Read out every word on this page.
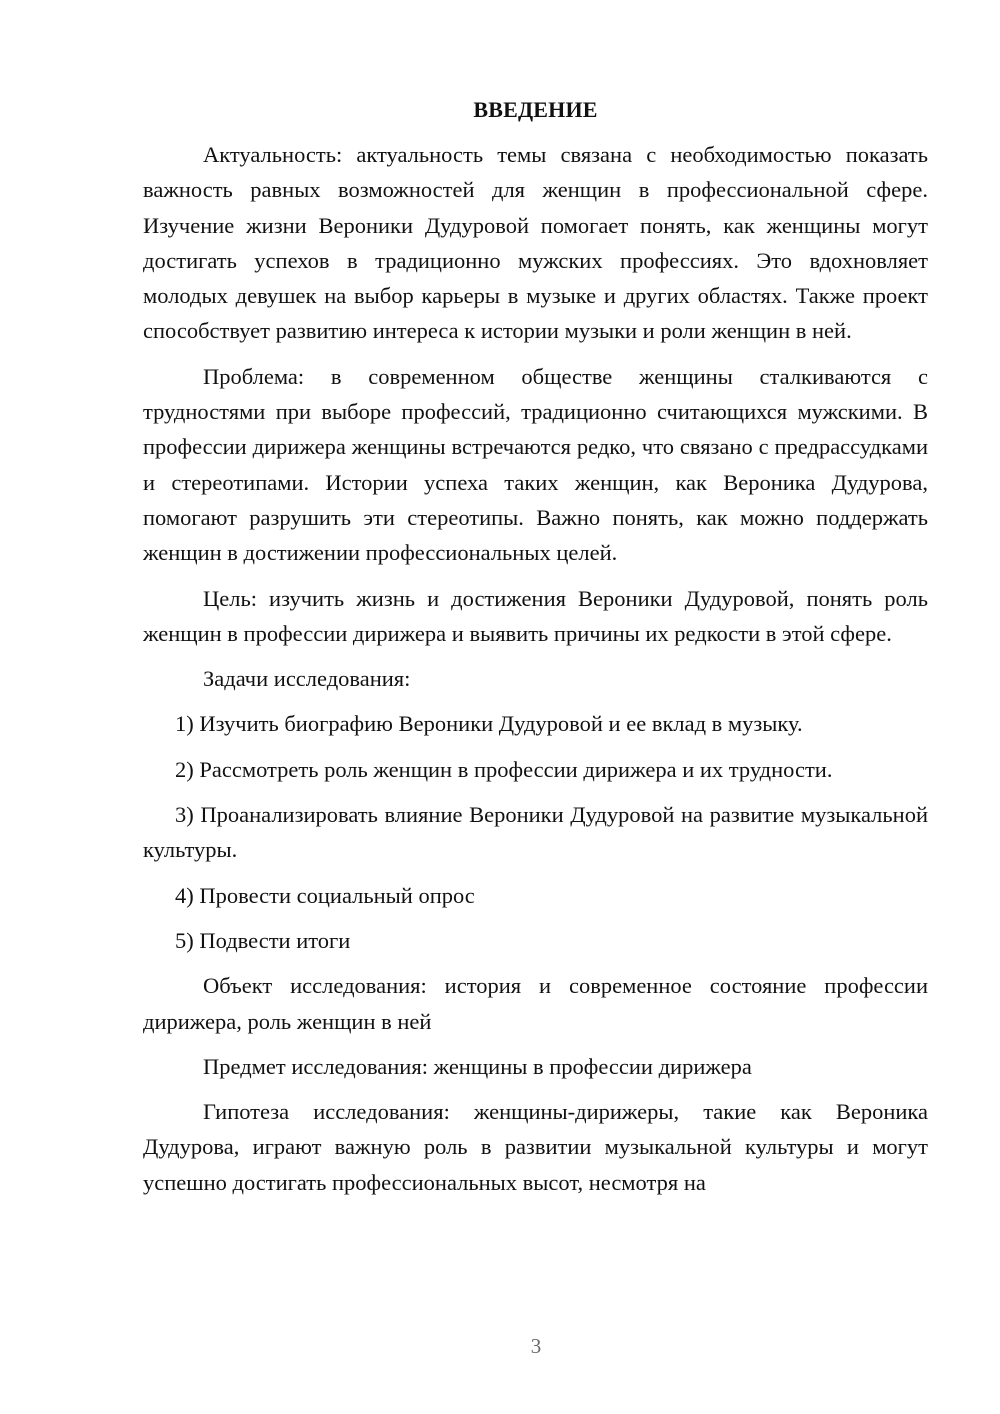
ВВЕДЕНИЕ

Актуальность: актуальность темы связана с необходимостью показать важность равных возможностей для женщин в профессиональной сфере. Изучение жизни Вероники Дудуровой помогает понять, как женщины могут достигать успехов в традиционно мужских профессиях. Это вдохновляет молодых девушек на выбор карьеры в музыке и других областях. Также проект способствует развитию интереса к истории музыки и роли женщин в ней.

Проблема: в современном обществе женщины сталкиваются с трудностями при выборе профессий, традиционно считающихся мужскими. В профессии дирижера женщины встречаются редко, что связано с предрассудками и стереотипами. Истории успеха таких женщин, как Вероника Дудурова, помогают разрушить эти стереотипы. Важно понять, как можно поддержать женщин в достижении профессиональных целей.

Цель: изучить жизнь и достижения Вероники Дудуровой, понять роль женщин в профессии дирижера и выявить причины их редкости в этой сфере.

Задачи исследования:

1) Изучить биографию Вероники Дудуровой и ее вклад в музыку.

2) Рассмотреть роль женщин в профессии дирижера и их трудности.

3) Проанализировать влияние Вероники Дудуровой на развитие музыкальной культуры.

4) Провести социальный опрос

5) Подвести итоги

Объект исследования: история и современное состояние профессии дирижера, роль женщин в ней

Предмет исследования: женщины в профессии дирижера

Гипотеза исследования: женщины-дирижеры, такие как Вероника Дудурова, играют важную роль в развитии музыкальной культуры и могут успешно достигать профессиональных высот, несмотря на

3
